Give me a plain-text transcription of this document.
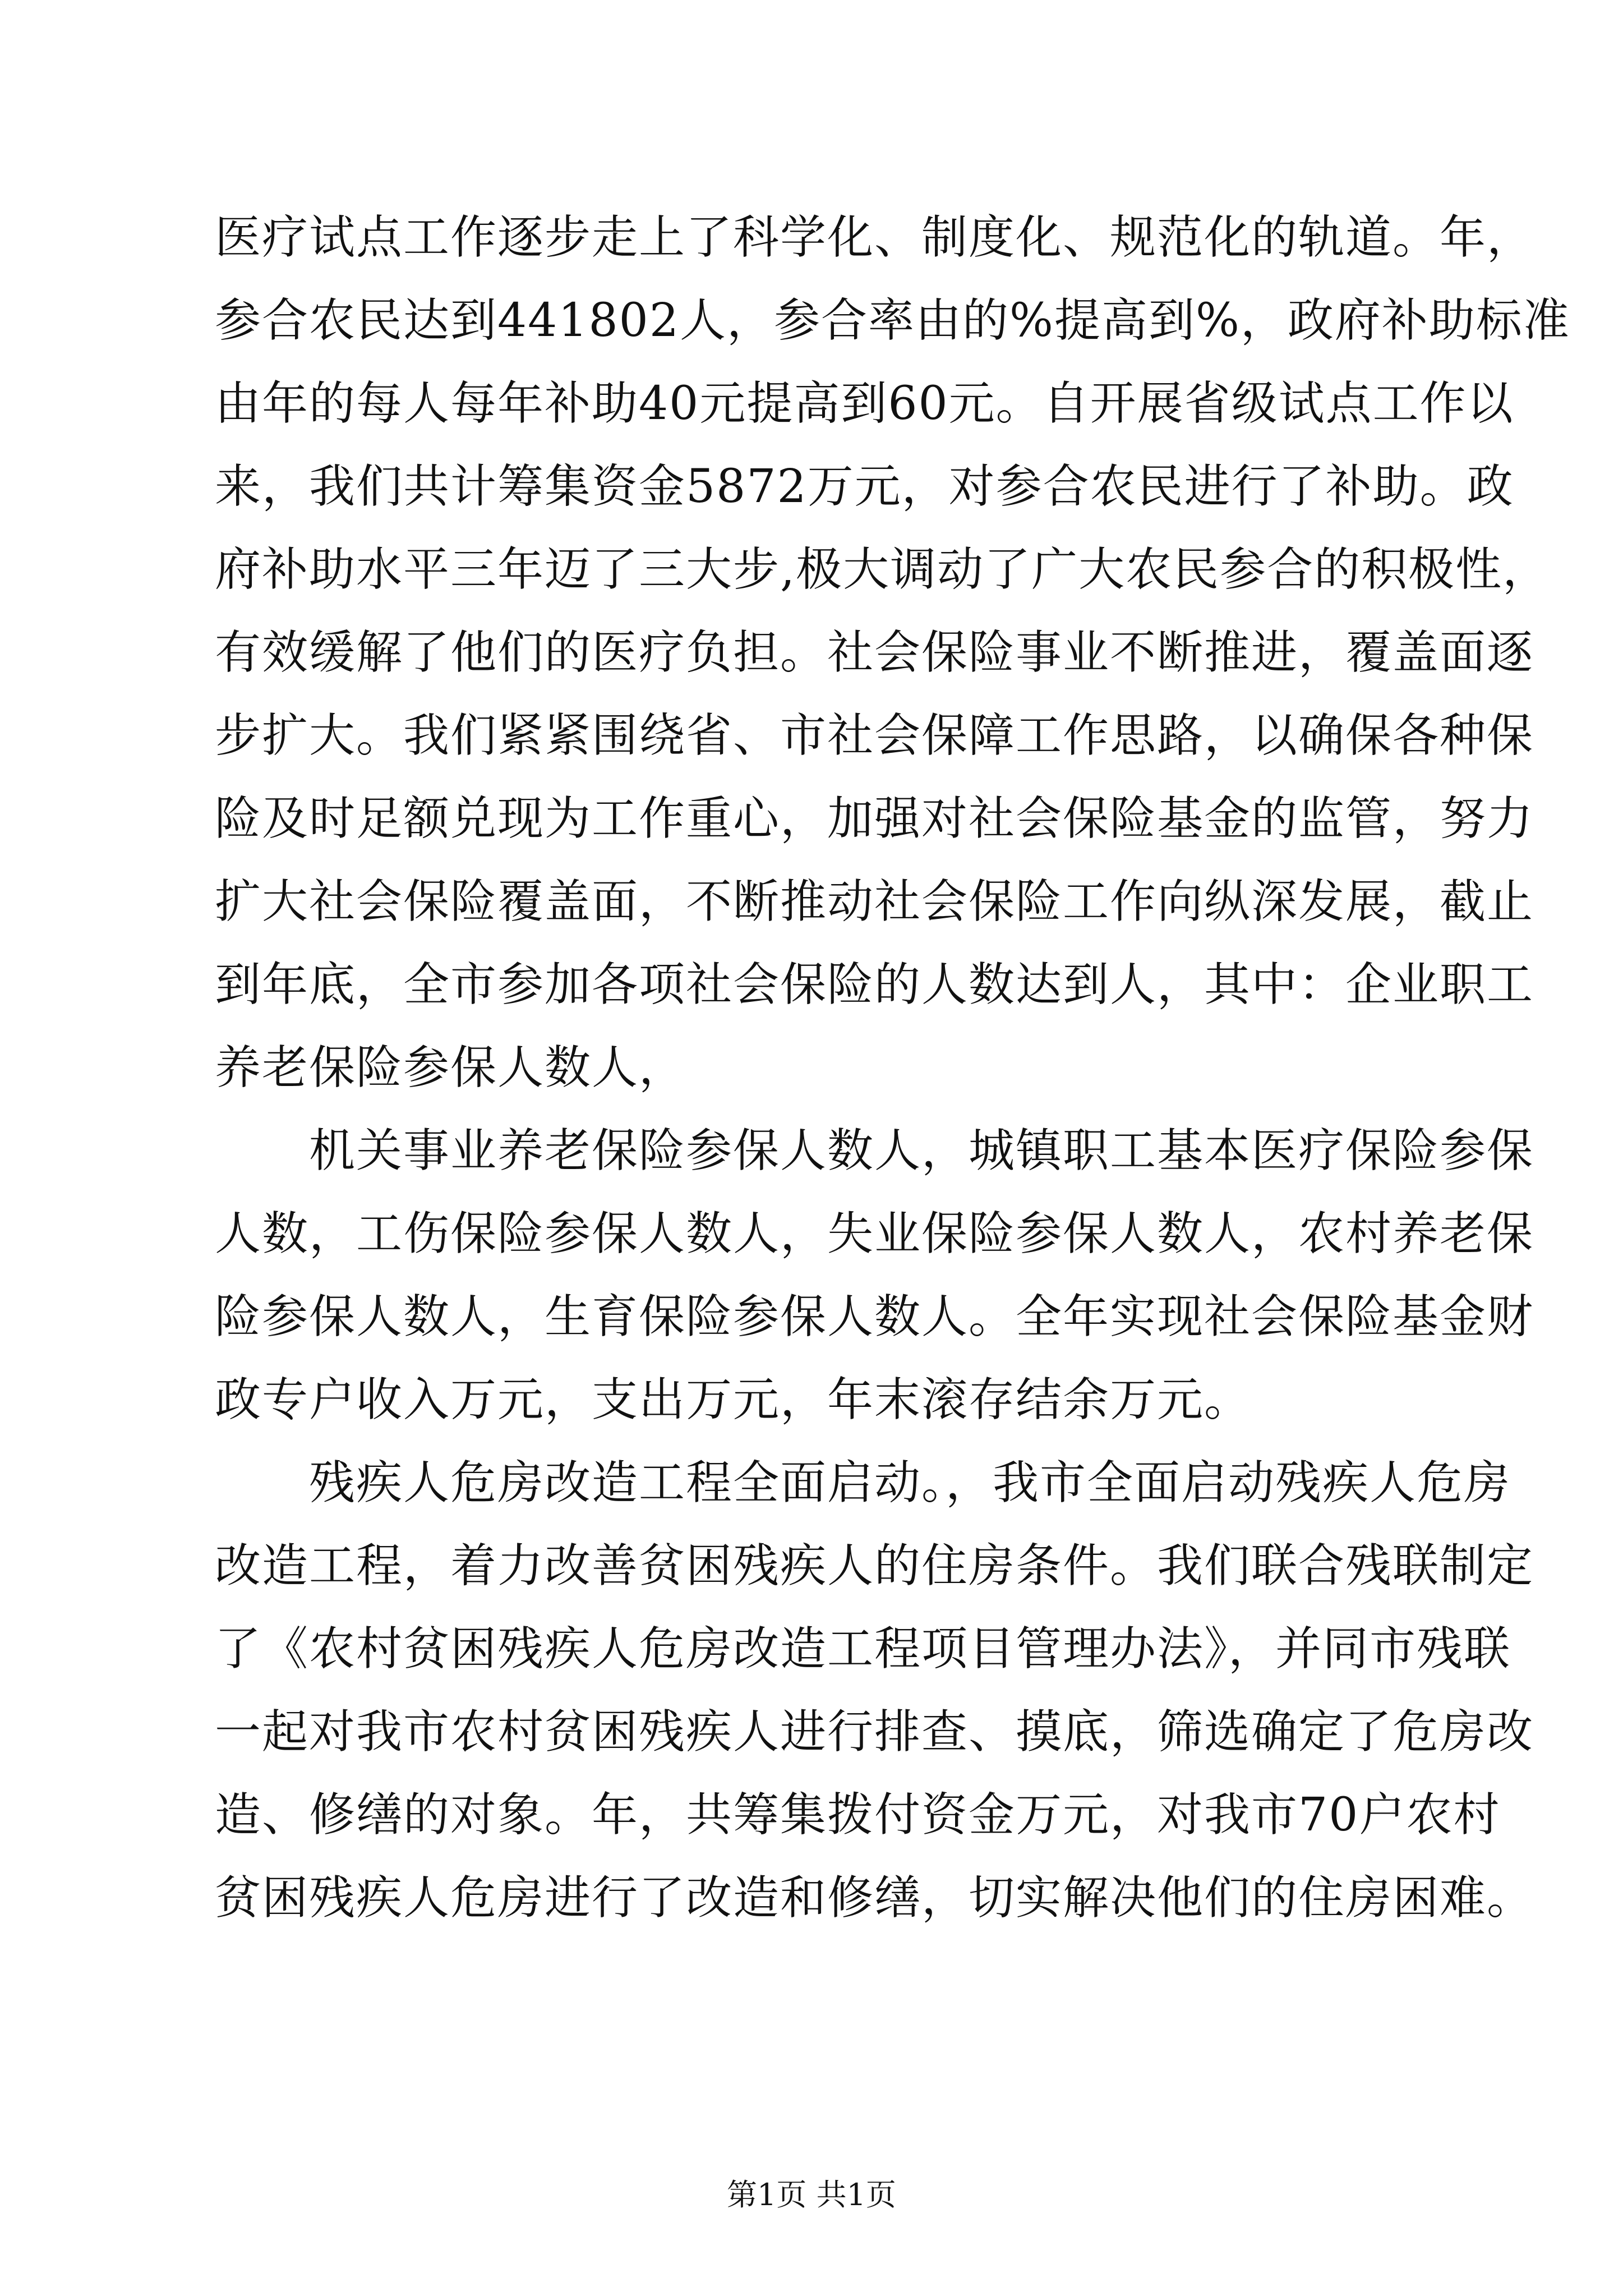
医疗试点工作逐步走上了科学化、制度化、规范化的轨道。年，
参合农民达到441802人，参合率由的%提高到%，政府补助标准
由年的每人每年补助40元提高到60元。自开展省级试点工作以
来，我们共计筹集资金5872万元，对参合农民进行了补助。政
府补助水平三年迈了三大步,极大调动了广大农民参合的积极性，
有效缓解了他们的医疗负担。社会保险事业不断推进，覆盖面逐
步扩大。我们紧紧围绕省、市社会保障工作思路，以确保各种保
险及时足额兑现为工作重心，加强对社会保险基金的监管，努力
扩大社会保险覆盖面，不断推动社会保险工作向纵深发展，截止
到年底，全市参加各项社会保险的人数达到人，其中：企业职工
养老保险参保人数人，
　　机关事业养老保险参保人数人，城镇职工基本医疗保险参保
人数，工伤保险参保人数人，失业保险参保人数人，农村养老保
险参保人数人，生育保险参保人数人。全年实现社会保险基金财
政专户收入万元，支出万元，年末滚存结余万元。
　　残疾人危房改造工程全面启动。，我市全面启动残疾人危房
改造工程，着力改善贫困残疾人的住房条件。我们联合残联制定
了《农村贫困残疾人危房改造工程项目管理办法》，并同市残联
一起对我市农村贫困残疾人进行排查、摸底，筛选确定了危房改
造、修缮的对象。年，共筹集拨付资金万元，对我市70户农村
贫困残疾人危房进行了改造和修缮，切实解决他们的住房困难。
第1页 共1页
